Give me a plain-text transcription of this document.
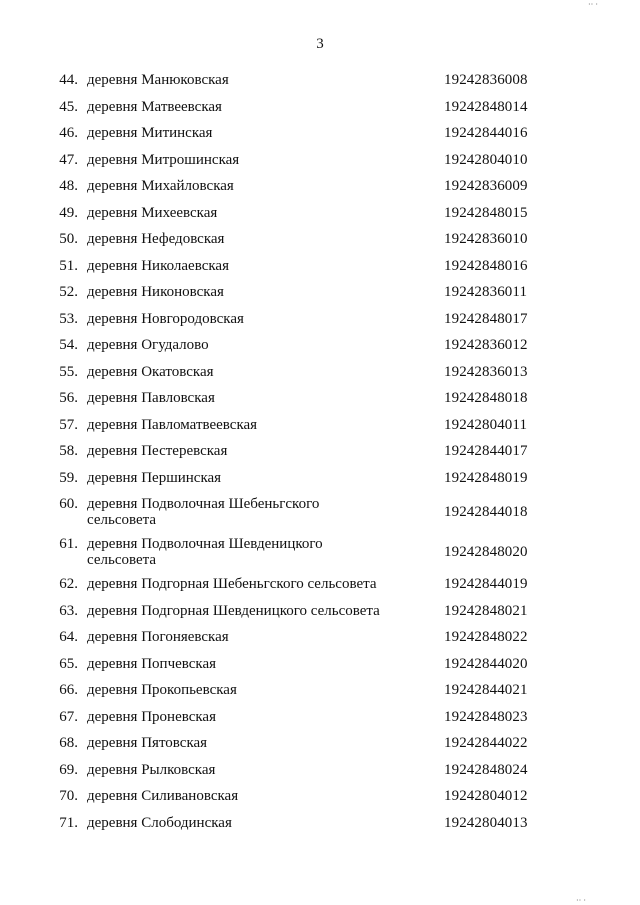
3
44. деревня Манюковская	19242836008
45. деревня Матвеевская	19242848014
46. деревня Митинская	19242844016
47. деревня Митрошинская	19242804010
48. деревня Михайловская	19242836009
49. деревня Михеевская	19242848015
50. деревня Нефедовская	19242836010
51. деревня Николаевская	19242848016
52. деревня Никоновская	19242836011
53. деревня Новгородовская	19242848017
54. деревня Огудалово	19242836012
55. деревня Окатовская	19242836013
56. деревня Павловская	19242848018
57. деревня Павломатвеевская	19242804011
58. деревня Пестеревская	19242844017
59. деревня Першинская	19242848019
60. деревня Подволочная Шебеньгского
сельсовета	19242844018
61. деревня Подволочная Шевденицкого
сельсовета	19242848020
62. деревня Подгорная Шебеньгского сельсовета	19242844019
63. деревня Подгорная Шевденицкого сельсовета	19242848021
64. деревня Погоняевская	19242848022
65. деревня Попчевская	19242844020
66. деревня Прокопьевская	19242844021
67. деревня Проневская	19242848023
68. деревня Пятовская	19242844022
69. деревня Рылковская	19242848024
70. деревня Силивановская	19242804012
71. деревня Слободинская	19242804013
·· ·
·· ·
